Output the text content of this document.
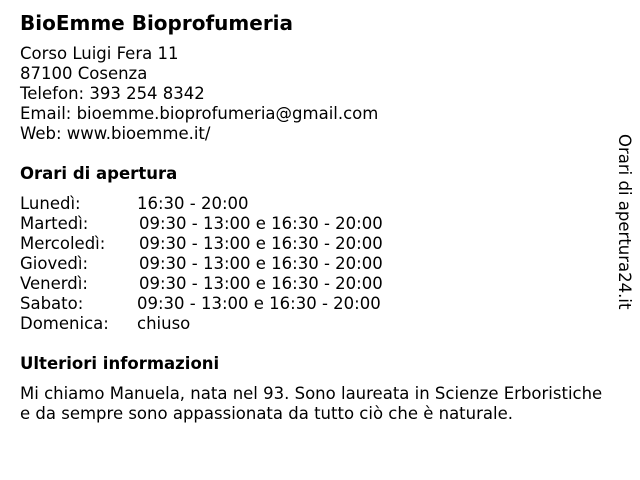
BioEmme Bioprofumeria
Corso Luigi Fera 11
87100 Cosenza
Telefon: 393 254 8342
Email: bioemme.bioprofumeria@gmail.com
Web: www.bioemme.it/
Orari di apertura
Lunedì:	16:30 - 20:00
Martedì:	09:30 - 13:00 e 16:30 - 20:00
Mercoledì: 09:30 - 13:00 e 16:30 - 20:00
Giovedì:	09:30 - 13:00 e 16:30 - 20:00
Venerdì:	09:30 - 13:00 e 16:30 - 20:00
Sabato:	09:30 - 13:00 e 16:30 - 20:00
Domenica: chiuso
Ulteriori informazioni
Mi chiamo Manuela, nata nel 93. Sono laureata in Scienze Erboristiche
e da sempre sono appassionata da tutto ciò che è naturale.
Orari di apertura24.it
